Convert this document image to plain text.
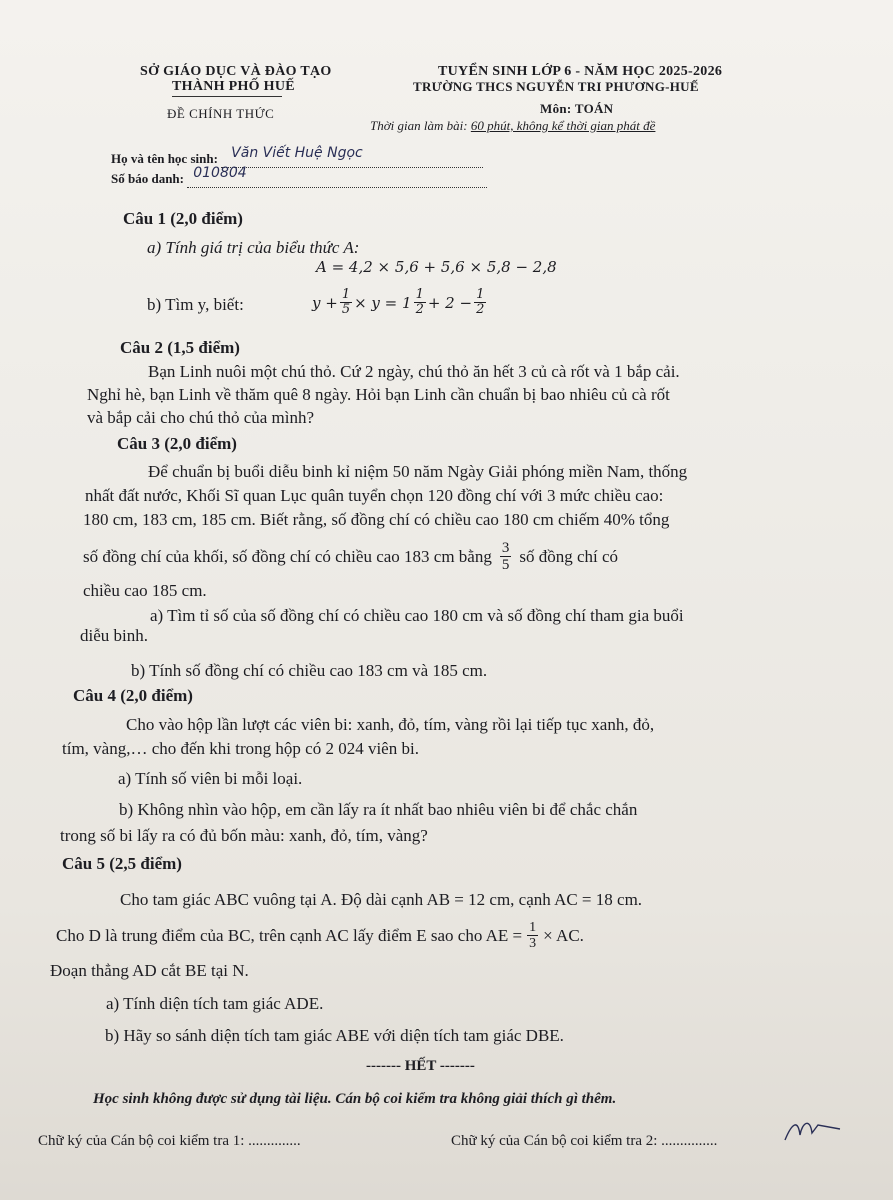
SỞ GIÁO DỤC VÀ ĐÀO TẠO
THÀNH PHỐ HUẾ
ĐỀ CHÍNH THỨC
TUYỂN SINH LỚP 6 - NĂM HỌC 2025-2026
TRƯỜNG THCS NGUYỄN TRI PHƯƠNG-HUẾ
Môn: TOÁN
Thời gian làm bài: 60 phút, không kể thời gian phát đề
Họ và tên học sinh: Văn Viết Huệ Ngọc

Số báo danh: 010804

Câu 1 (2,0 điểm)
a) Tính giá trị của biểu thức A:
A = 4,2 × 5,6 + 5,6 × 5,8 − 2,8
b) Tìm y, biết:	$y + \frac{1}{5} \times y = 1 \frac{1}{2} + 2 - \frac{1}{2}$
Câu 2 (1,5 điểm)
Bạn Linh nuôi một chú thỏ. Cứ 2 ngày, chú thỏ ăn hết 3 củ cà rốt và 1 bắp cải.
Nghỉ hè, bạn Linh về thăm quê 8 ngày. Hỏi bạn Linh cần chuẩn bị bao nhiêu củ cà rốt
và bắp cải cho chú thỏ của mình?
Câu 3 (2,0 điểm)
Để chuẩn bị buổi diễu binh kỉ niệm 50 năm Ngày Giải phóng miền Nam, thống
nhất đất nước, Khối Sĩ quan Lục quân tuyển chọn 120 đồng chí với 3 mức chiều cao:
180 cm, 183 cm, 185 cm. Biết rằng, số đồng chí có chiều cao 180 cm chiếm 40% tổng
số đồng chí của khối, số đồng chí có chiều cao 183 cm bằng $\frac{3}{5}$ số đồng chí có
chiều cao 185 cm.
a) Tìm tỉ số của số đồng chí có chiều cao 180 cm và số đồng chí tham gia buổi
diễu binh.
b) Tính số đồng chí có chiều cao 183 cm và 185 cm.
Câu 4 (2,0 điểm)
Cho vào hộp lần lượt các viên bi: xanh, đỏ, tím, vàng rồi lại tiếp tục xanh, đỏ,
tím, vàng,… cho đến khi trong hộp có 2 024 viên bi.
a) Tính số viên bi mỗi loại.
b) Không nhìn vào hộp, em cần lấy ra ít nhất bao nhiêu viên bi để chắc chắn
trong số bi lấy ra có đủ bốn màu: xanh, đỏ, tím, vàng?
Câu 5 (2,5 điểm)
Cho tam giác ABC vuông tại A. Độ dài cạnh AB = 12 cm, cạnh AC = 18 cm.
Cho D là trung điểm của BC, trên cạnh AC lấy điểm E sao cho AE = $\frac{1}{3}$ × AC.
Đoạn thẳng AD cắt BE tại N.
a) Tính diện tích tam giác ADE.
b) Hãy so sánh diện tích tam giác ABE với diện tích tam giác DBE.
------- HẾT -------
Học sinh không được sử dụng tài liệu. Cán bộ coi kiểm tra không giải thích gì thêm.
Chữ ký của Cán bộ coi kiểm tra 1: ..............	Chữ ký của Cán bộ coi kiểm tra 2: ...............
